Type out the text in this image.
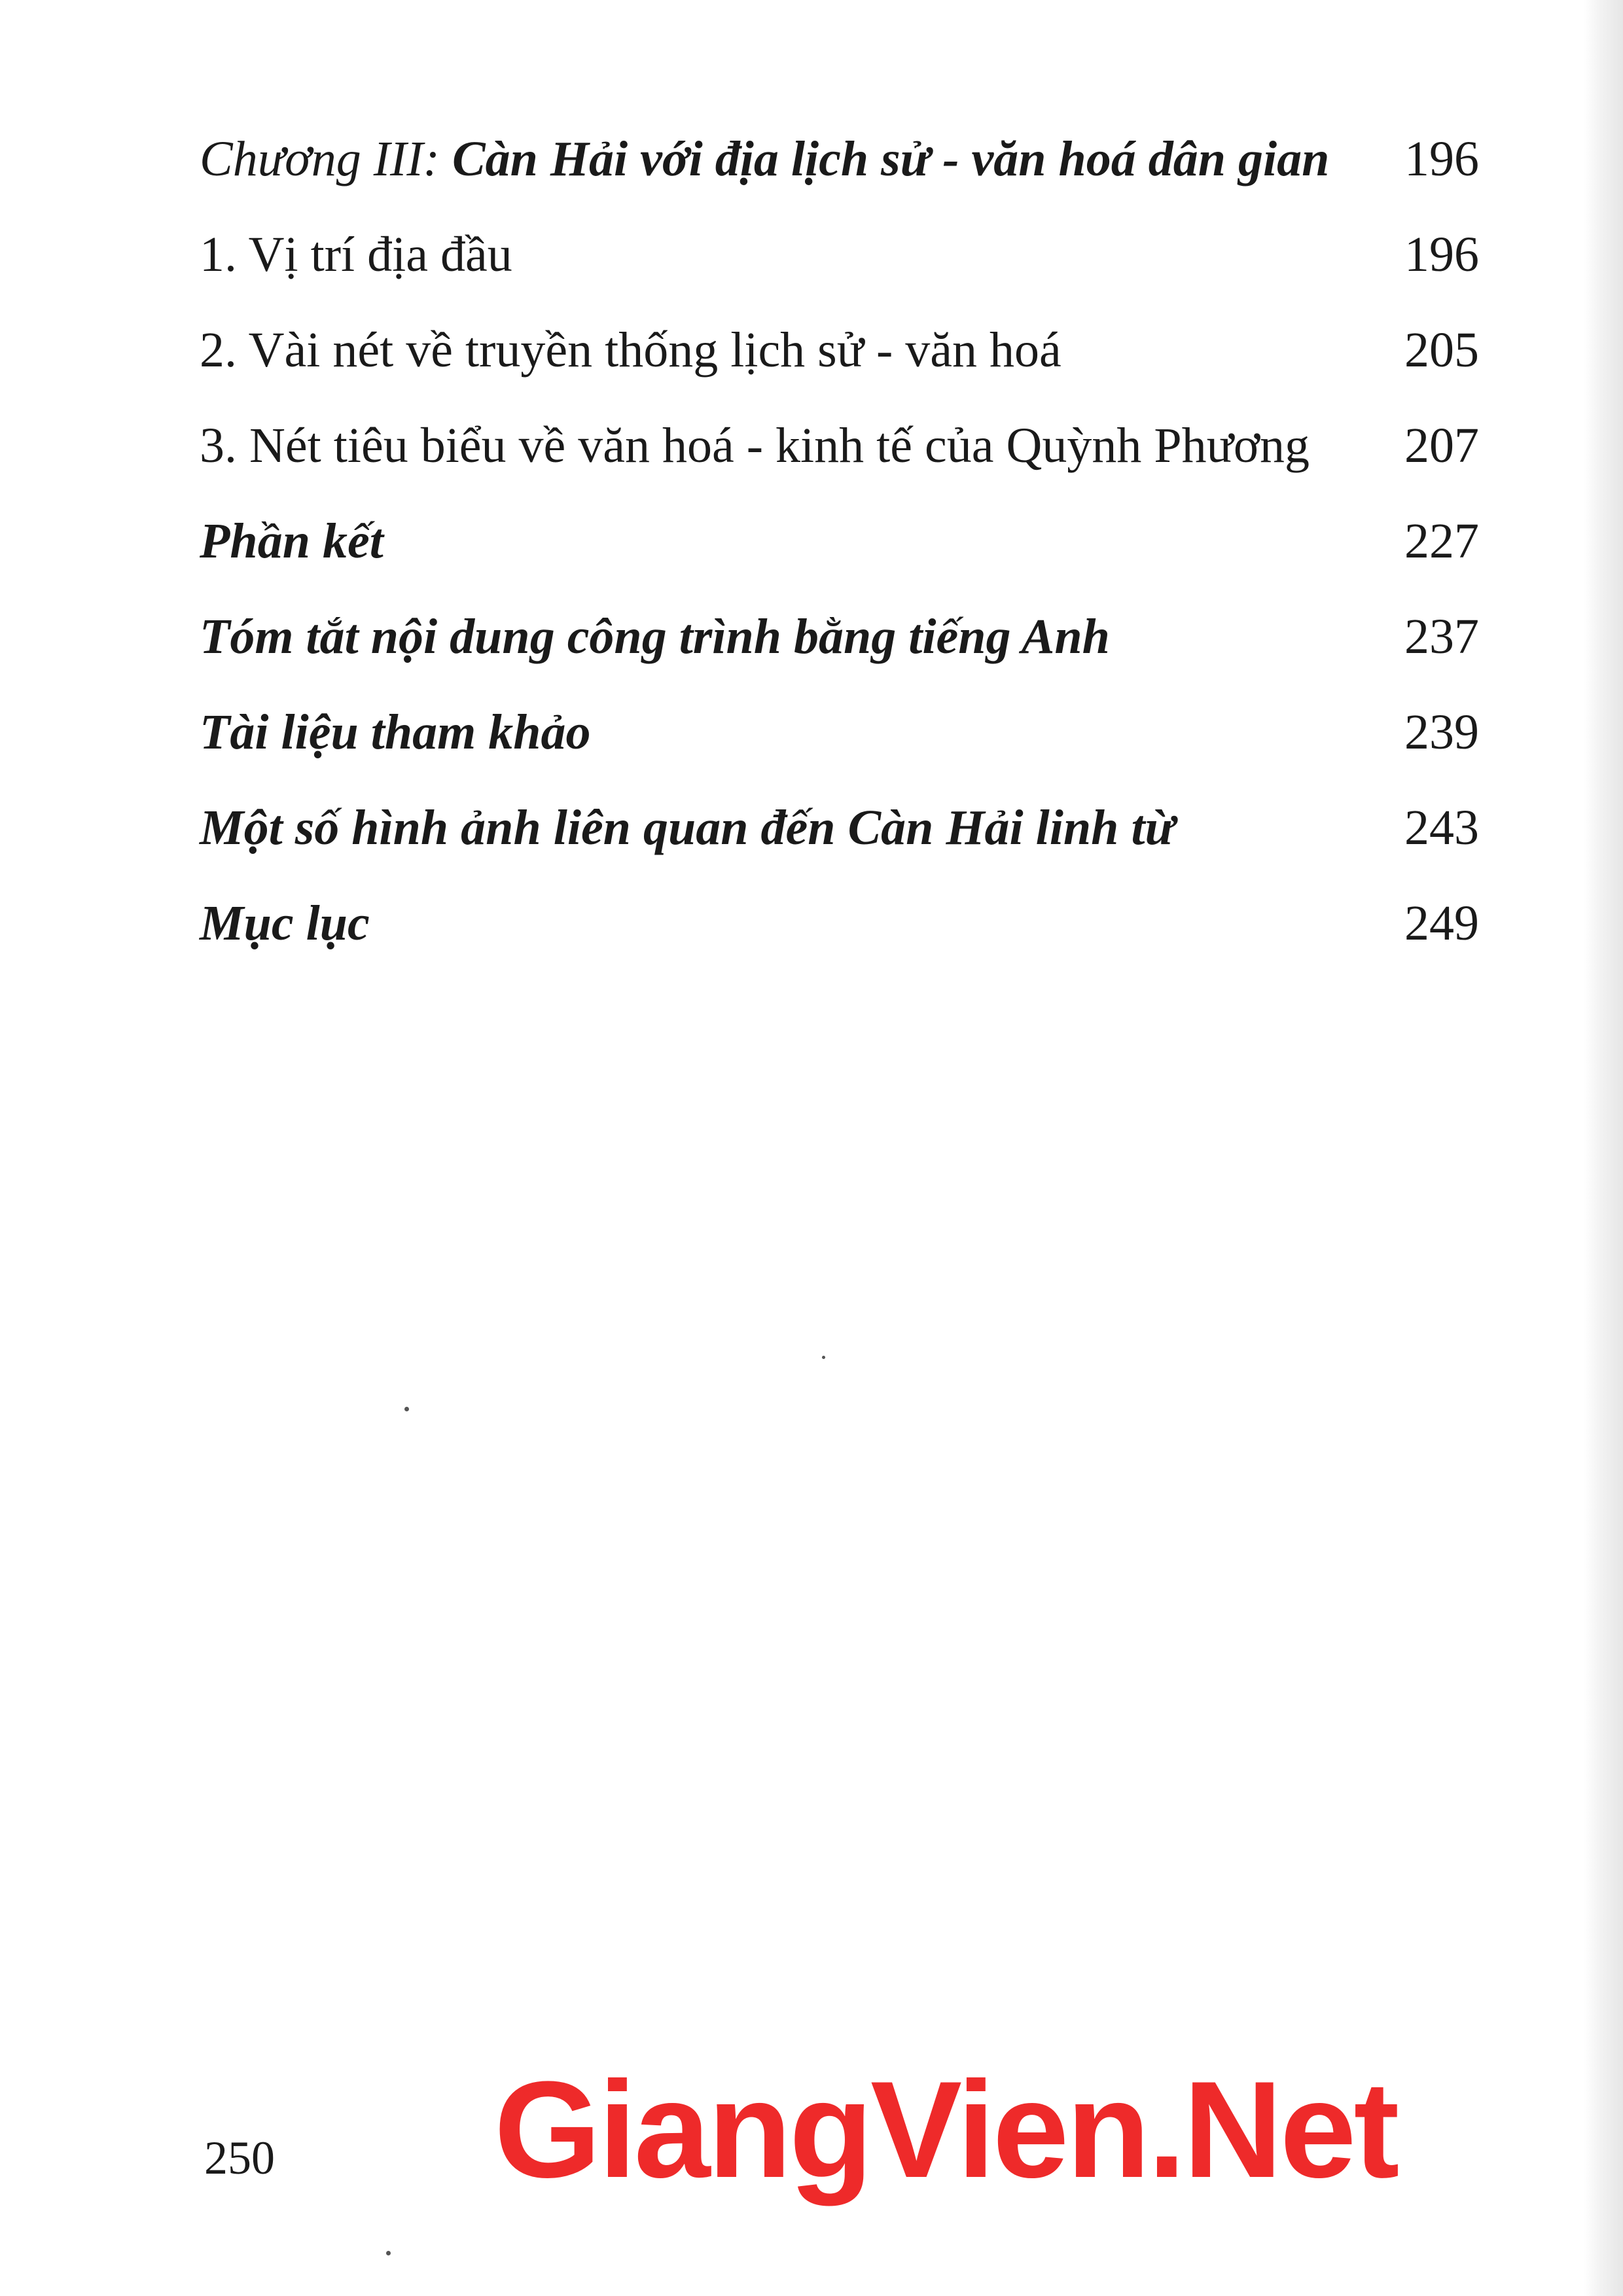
Chương III: Càn Hải với địa lịch sử - văn hoá dân gian 196
1. Vị trí địa đầu	196
2. Vài nét về truyền thống lịch sử - văn hoá	205
3. Nét tiêu biểu về văn hoá - kinh tế của Quỳnh Phương 207
Phần kết	227
Tóm tắt nội dung công trình bằng tiếng Anh	237
Tài liệu tham khảo	239
Một số hình ảnh liên quan đến Càn Hải linh từ	243
Mục lục	249
250 GiangVien.Net
